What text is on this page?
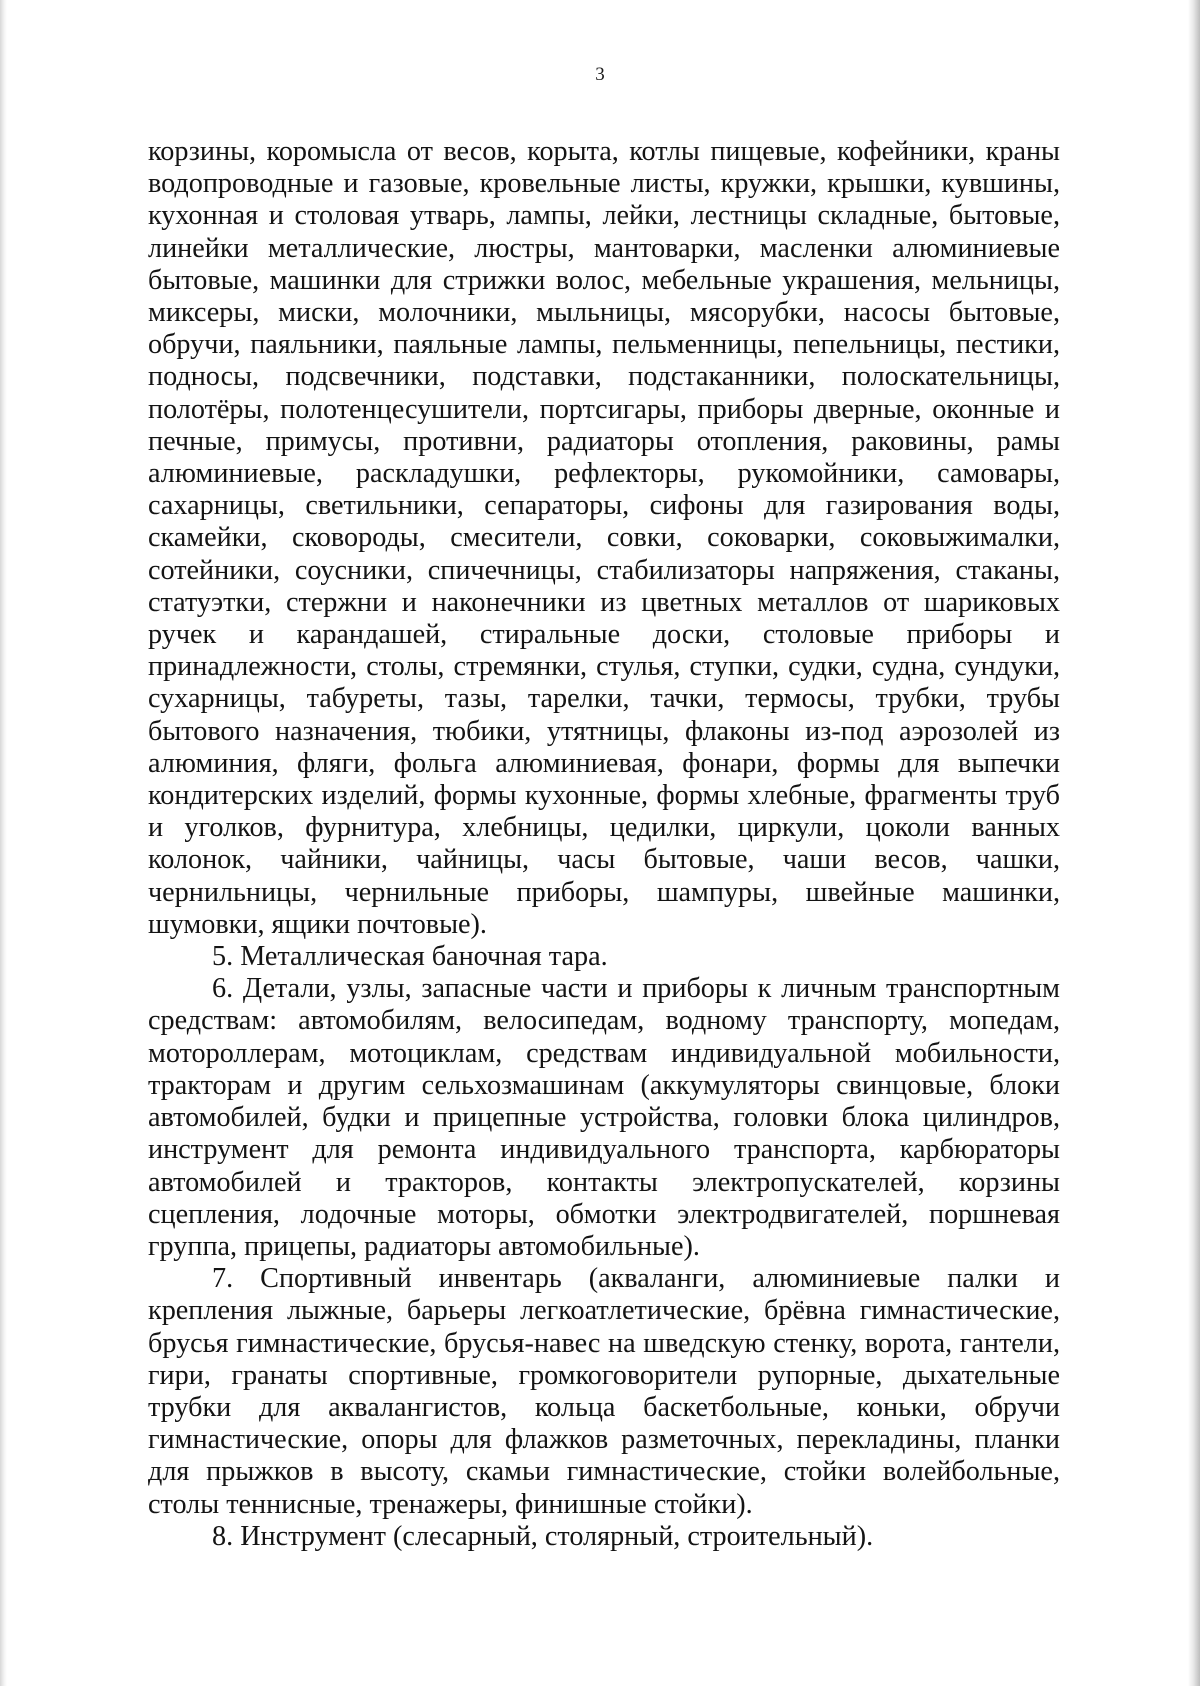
3

корзины, коромысла от весов, корыта, котлы пищевые, кофейники, краны водопроводные и газовые, кровельные листы, кружки, крышки, кувшины, кухонная и столовая утварь, лампы, лейки, лестницы складные, бытовые, линейки металлические, люстры, мантоварки, масленки алюминиевые бытовые, машинки для стрижки волос, мебельные украшения, мельницы, миксеры, миски, молочники, мыльницы, мясорубки, насосы бытовые, обручи, паяльники, паяльные лампы, пельменницы, пепельницы, пестики, подносы, подсвечники, подставки, подстаканники, полоскательницы, полотёры, полотенцесушители, портсигары, приборы дверные, оконные и печные, примусы, противни, радиаторы отопления, раковины, рамы алюминиевые, раскладушки, рефлекторы, рукомойники, самовары, сахарницы, светильники, сепараторы, сифоны для газирования воды, скамейки, сковороды, смесители, совки, соковарки, соковыжималки, сотейники, соусники, спичечницы, стабилизаторы напряжения, стаканы, статуэтки, стержни и наконечники из цветных металлов от шариковых ручек и карандашей, стиральные доски, столовые приборы и принадлежности, столы, стремянки, стулья, ступки, судки, судна, сундуки, сухарницы, табуреты, тазы, тарелки, тачки, термосы, трубки, трубы бытового назначения, тюбики, утятницы, флаконы из-под аэрозолей из алюминия, фляги, фольга алюминиевая, фонари, формы для выпечки кондитерских изделий, формы кухонные, формы хлебные, фрагменты труб и уголков, фурнитура, хлебницы, цедилки, циркули, цоколи ванных колонок, чайники, чайницы, часы бытовые, чаши весов, чашки, чернильницы, чернильные приборы, шампуры, швейные машинки, шумовки, ящики почтовые).

5. Металлическая баночная тара.

6. Детали, узлы, запасные части и приборы к личным транспортным средствам: автомобилям, велосипедам, водному транспорту, мопедам, мотороллерам, мотоциклам, средствам индивидуальной мобильности, тракторам и другим сельхозмашинам (аккумуляторы свинцовые, блоки автомобилей, будки и прицепные устройства, головки блока цилиндров, инструмент для ремонта индивидуального транспорта, карбюраторы автомобилей и тракторов, контакты электропускателей, корзины сцепления, лодочные моторы, обмотки электродвигателей, поршневая группа, прицепы, радиаторы автомобильные).

7. Спортивный инвентарь (акваланги, алюминиевые палки и крепления лыжные, барьеры легкоатлетические, брёвна гимнастические, брусья гимнастические, брусья-навес на шведскую стенку, ворота, гантели, гири, гранаты спортивные, громкоговорители рупорные, дыхательные трубки для аквалангистов, кольца баскетбольные, коньки, обручи гимнастические, опоры для флажков разметочных, перекладины, планки для прыжков в высоту, скамьи гимнастические, стойки волейбольные, столы теннисные, тренажеры, финишные стойки).

8. Инструмент (слесарный, столярный, строительный).
